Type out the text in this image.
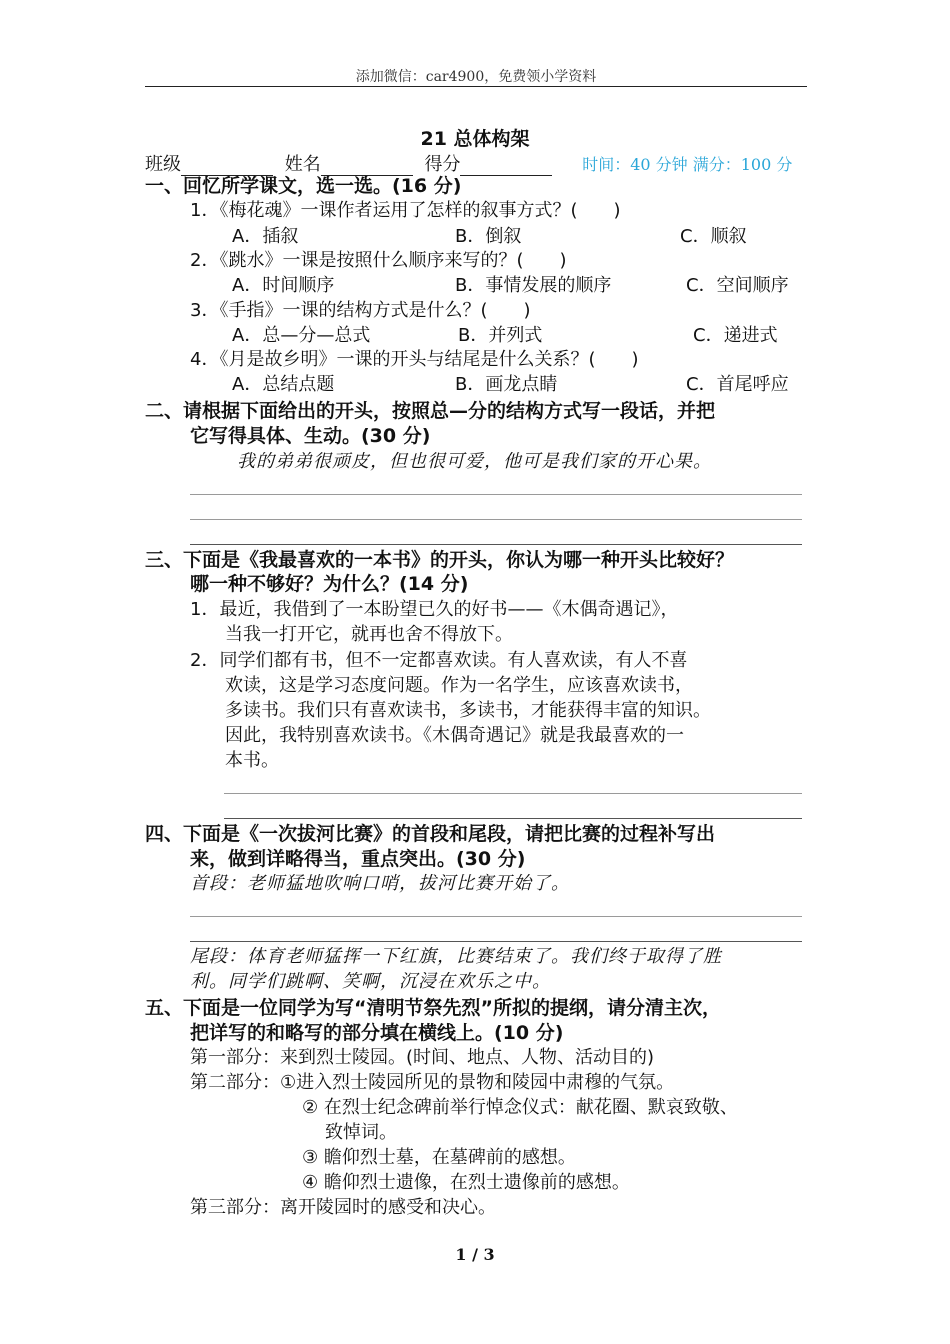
添加微信：car4900，免费领小学资料
21 总体构架
班级	姓名	得分	时间：40 分钟 满分：100 分
一、回忆所学课文，选一选。(16 分)
1．《梅花魂》一课作者运用了怎样的叙事方式？(　　)
A．插叙	B．倒叙	C．顺叙
2．《跳水》一课是按照什么顺序来写的？(　　)
A．时间顺序	B．事情发展的顺序	C．空间顺序
3．《手指》一课的结构方式是什么？(　　)
A．总—分—总式	B．并列式	C．递进式
4．《月是故乡明》一课的开头与结尾是什么关系？(　　)
A．总结点题	B．画龙点睛	C．首尾呼应
二、请根据下面给出的开头，按照总—分的结构方式写一段话，并把
它写得具体、生动。(30 分)
我的弟弟很顽皮，但也很可爱，他可是我们家的开心果。
三、下面是《我最喜欢的一本书》的开头，你认为哪一种开头比较好？
哪一种不够好？为什么？(14 分)
1．最近，我借到了一本盼望已久的好书——《木偶奇遇记》，
当我一打开它，就再也舍不得放下。
2．同学们都有书，但不一定都喜欢读。有人喜欢读，有人不喜
欢读，这是学习态度问题。作为一名学生，应该喜欢读书，
多读书。我们只有喜欢读书，多读书，才能获得丰富的知识。
因此，我特别喜欢读书。《木偶奇遇记》就是我最喜欢的一
本书。
四、下面是《一次拔河比赛》的首段和尾段，请把比赛的过程补写出
来，做到详略得当，重点突出。(30 分)
首段：老师猛地吹响口哨，拔河比赛开始了。
尾段：体育老师猛挥一下红旗，比赛结束了。我们终于取得了胜
利。同学们跳啊、笑啊，沉浸在欢乐之中。
五、下面是一位同学为写“清明节祭先烈”所拟的提纲，请分清主次，
把详写的和略写的部分填在横线上。(10 分)
第一部分：来到烈士陵园。(时间、地点、人物、活动目的)
第二部分：①进入烈士陵园所见的景物和陵园中肃穆的气氛。
② 在烈士纪念碑前举行悼念仪式：献花圈、默哀致敬、
致悼词。
③ 瞻仰烈士墓，在墓碑前的感想。
④ 瞻仰烈士遗像，在烈士遗像前的感想。
第三部分：离开陵园时的感受和决心。
1 / 3
